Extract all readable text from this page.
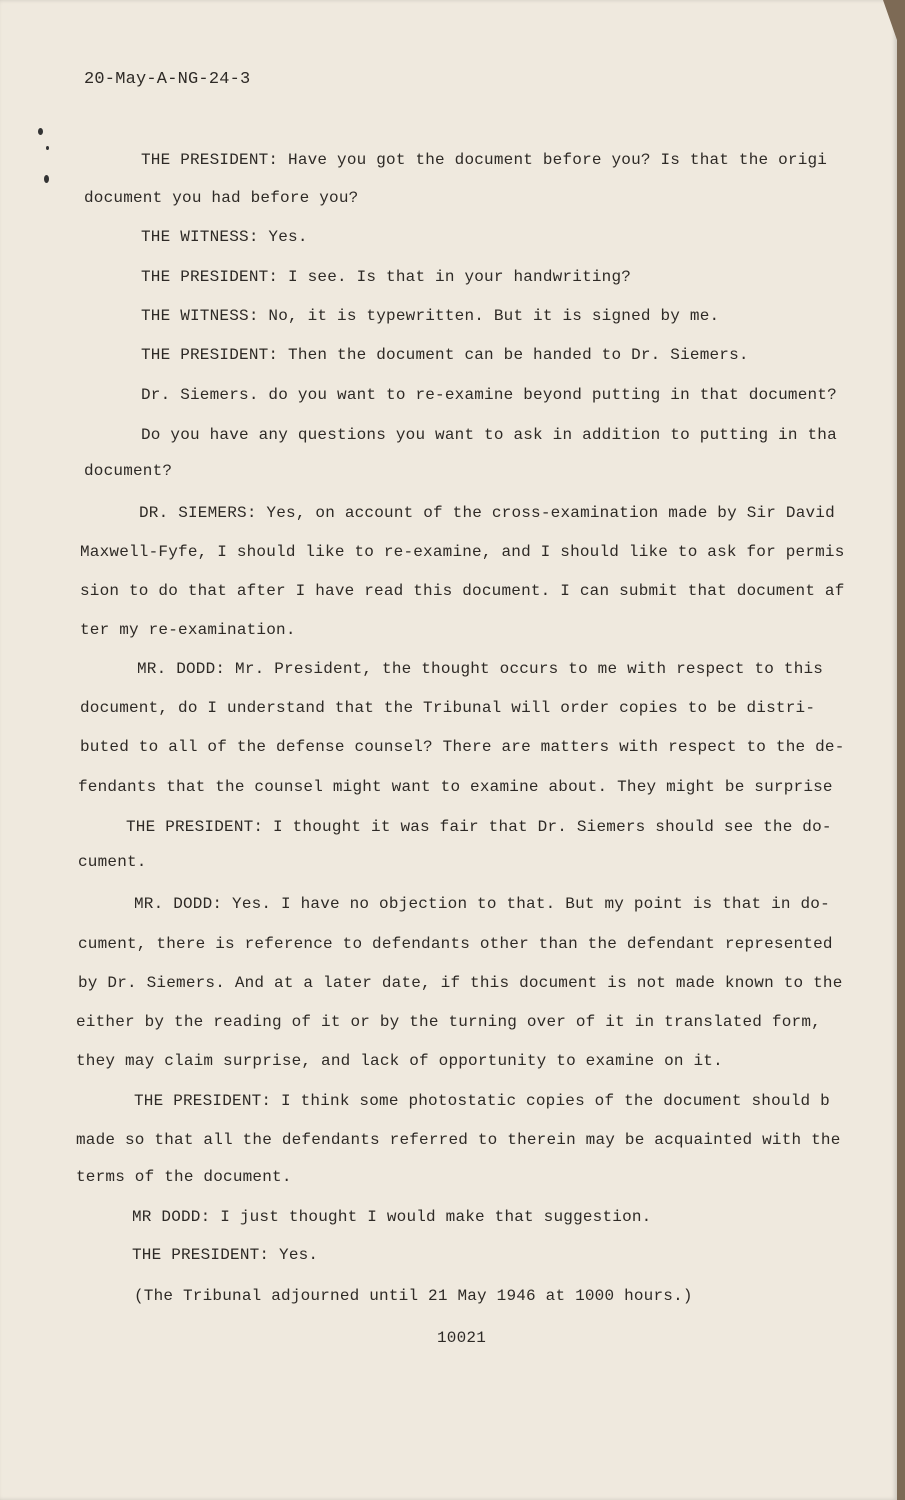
20-May-A-NG-24-3
THE PRESIDENT: Have you got the document before you? Is that the origi
document you had before you?
THE WITNESS: Yes.
THE PRESIDENT: I see. Is that in your handwriting?
THE WITNESS: No, it is typewritten. But it is signed by me.
THE PRESIDENT: Then the document can be handed to Dr. Siemers.
Dr. Siemers. do you want to re-examine beyond putting in that document?
Do you have any questions you want to ask in addition to putting in tha
document?
DR. SIEMERS: Yes, on account of the cross-examination made by Sir David
Maxwell-Fyfe, I should like to re-examine, and I should like to ask for permis
sion to do that after I have read this document. I can submit that document af
ter my re-examination.
MR. DODD: Mr. President, the thought occurs to me with respect to this
document, do I understand that the Tribunal will order copies to be distri-
buted to all of the defense counsel? There are matters with respect to the de-
fendants that the counsel might want to examine about. They might be surprise
THE PRESIDENT: I thought it was fair that Dr. Siemers should see the do-
cument.
MR. DODD: Yes. I have no objection to that. But my point is that in do-
cument, there is reference to defendants other than the defendant represented
by Dr. Siemers. And at a later date, if this document is not made known to the
either by the reading of it or by the turning over of it in translated form,
they may claim surprise, and lack of opportunity to examine on it.
THE PRESIDENT: I think some photostatic copies of the document should b
made so that all the defendants referred to therein may be acquainted with the
terms of the document.
MR DODD: I just thought I would make that suggestion.
THE PRESIDENT: Yes.
(The Tribunal adjourned until 21 May 1946 at 1000 hours.)
10021
